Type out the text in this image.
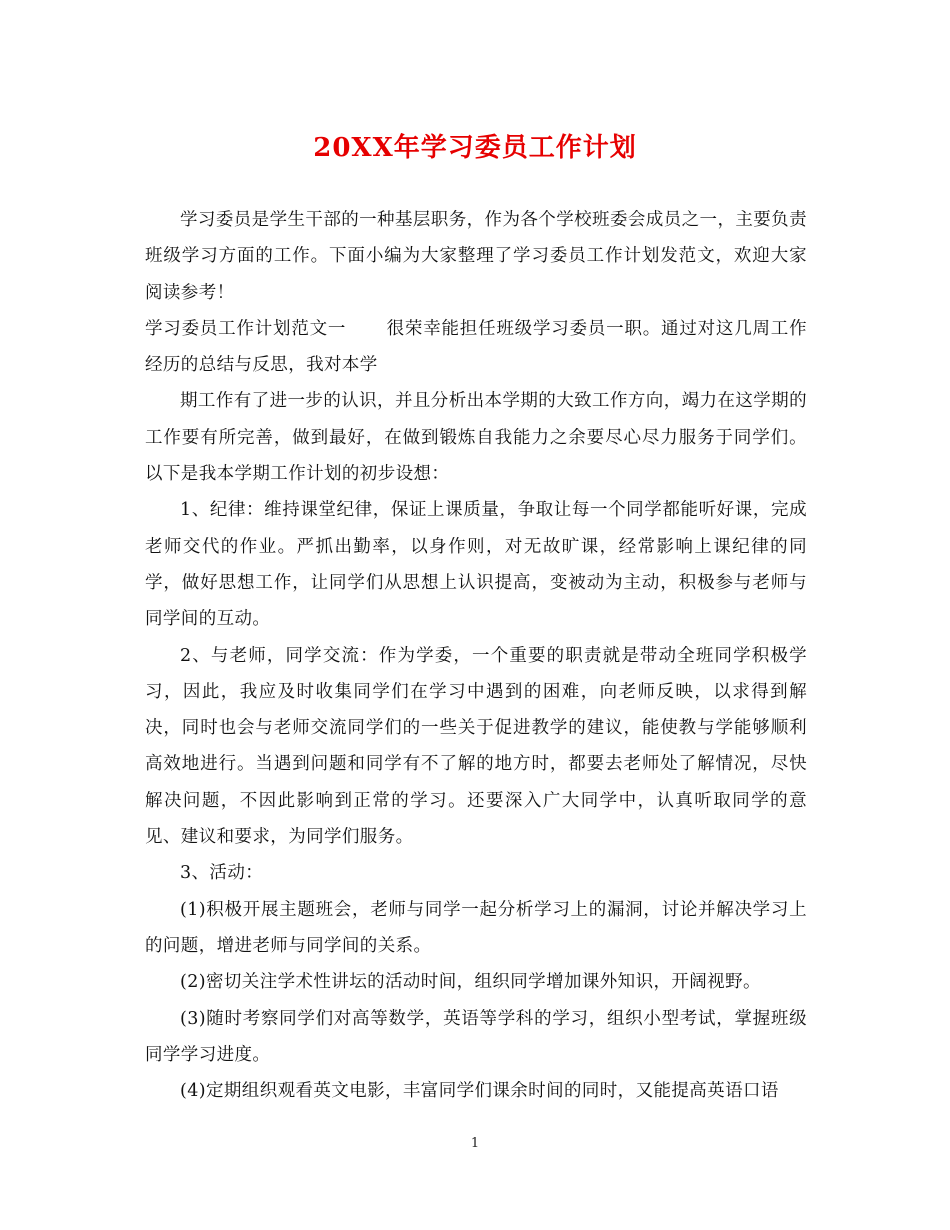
20XX年学习委员工作计划

学习委员是学生干部的一种基层职务，作为各个学校班委会成员之一，主要负责班级学习方面的工作。下面小编为大家整理了学习委员工作计划发范文，欢迎大家阅读参考！

学习委员工作计划范文一 很荣幸能担任班级学习委员一职。通过对这几周工作经历的总结与反思，我对本学

期工作有了进一步的认识，并且分析出本学期的大致工作方向，竭力在这学期的工作要有所完善，做到最好，在做到锻炼自我能力之余要尽心尽力服务于同学们。以下是我本学期工作计划的初步设想：

1、纪律：维持课堂纪律，保证上课质量，争取让每一个同学都能听好课，完成老师交代的作业。严抓出勤率，以身作则，对无故旷课，经常影响上课纪律的同学，做好思想工作，让同学们从思想上认识提高，变被动为主动，积极参与老师与同学间的互动。

2、与老师，同学交流：作为学委，一个重要的职责就是带动全班同学积极学习，因此，我应及时收集同学们在学习中遇到的困难，向老师反映，以求得到解决，同时也会与老师交流同学们的一些关于促进教学的建议，能使教与学能够顺利高效地进行。当遇到问题和同学有不了解的地方时，都要去老师处了解情况，尽快解决问题，不因此影响到正常的学习。还要深入广大同学中，认真听取同学的意见、建议和要求，为同学们服务。

3、活动：

(1)积极开展主题班会，老师与同学一起分析学习上的漏洞，讨论并解决学习上的问题，增进老师与同学间的关系。

(2)密切关注学术性讲坛的活动时间，组织同学增加课外知识，开阔视野。

(3)随时考察同学们对高等数学，英语等学科的学习，组织小型考试，掌握班级同学学习进度。

(4)定期组织观看英文电影，丰富同学们课余时间的同时，又能提高英语口语

1
